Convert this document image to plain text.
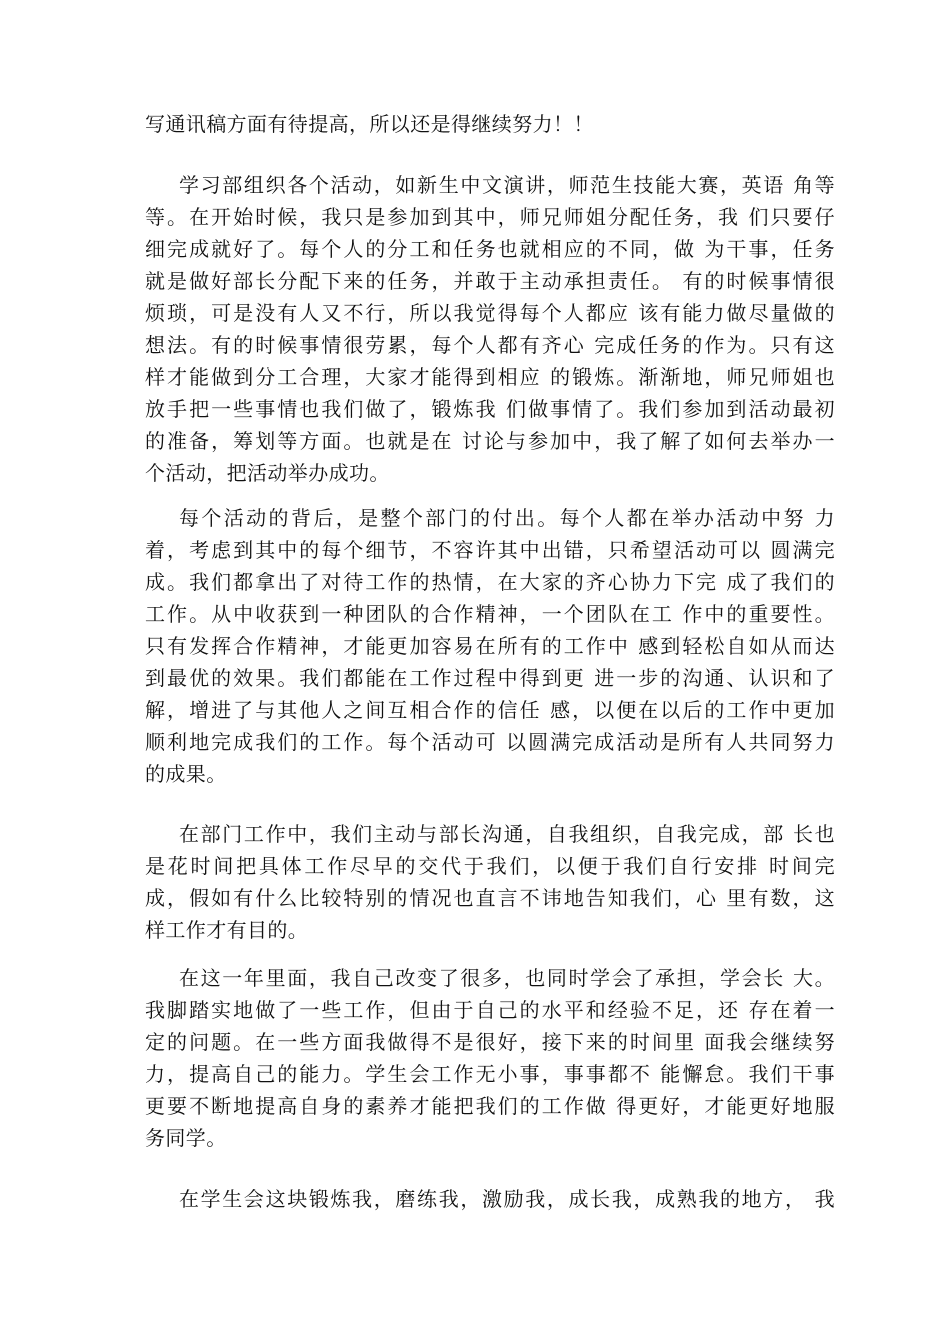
写通讯稿方面有待提高，所以还是得继续努力！！
学习部组织各个活动，如新生中文演讲，师范生技能大赛，英语 角等
等。在开始时候，我只是参加到其中，师兄师姐分配任务，我 们只要仔
细完成就好了。每个人的分工和任务也就相应的不同，做 为干事，任务
就是做好部长分配下来的任务，并敢于主动承担责任。 有的时候事情很
烦琐，可是没有人又不行，所以我觉得每个人都应 该有能力做尽量做的
想法。有的时候事情很劳累，每个人都有齐心 完成任务的作为。只有这
样才能做到分工合理，大家才能得到相应 的锻炼。渐渐地，师兄师姐也
放手把一些事情也我们做了，锻炼我 们做事情了。我们参加到活动最初
的准备，筹划等方面。也就是在 讨论与参加中，我了解了如何去举办一
个活动，把活动举办成功。
每个活动的背后，是整个部门的付出。每个人都在举办活动中努 力
着，考虑到其中的每个细节，不容许其中出错，只希望活动可以 圆满完
成。我们都拿出了对待工作的热情，在大家的齐心协力下完 成了我们的
工作。从中收获到一种团队的合作精神，一个团队在工 作中的重要性。
只有发挥合作精神，才能更加容易在所有的工作中 感到轻松自如从而达
到最优的效果。我们都能在工作过程中得到更 进一步的沟通、认识和了
解，增进了与其他人之间互相合作的信任 感，以便在以后的工作中更加
顺利地完成我们的工作。每个活动可 以圆满完成活动是所有人共同努力
的成果。
在部门工作中，我们主动与部长沟通，自我组织，自我完成，部 长也
是花时间把具体工作尽早的交代于我们，以便于我们自行安排 时间完
成，假如有什么比较特别的情况也直言不讳地告知我们，心 里有数，这
样工作才有目的。
在这一年里面，我自己改变了很多，也同时学会了承担，学会长 大。
我脚踏实地做了一些工作，但由于自己的水平和经验不足，还 存在着一
定的问题。在一些方面我做得不是很好，接下来的时间里 面我会继续努
力，提高自己的能力。学生会工作无小事，事事都不 能懈怠。我们干事
更要不断地提高自身的素养才能把我们的工作做 得更好，才能更好地服
务同学。
在学生会这块锻炼我，磨练我，激励我，成长我，成熟我的地方， 我
